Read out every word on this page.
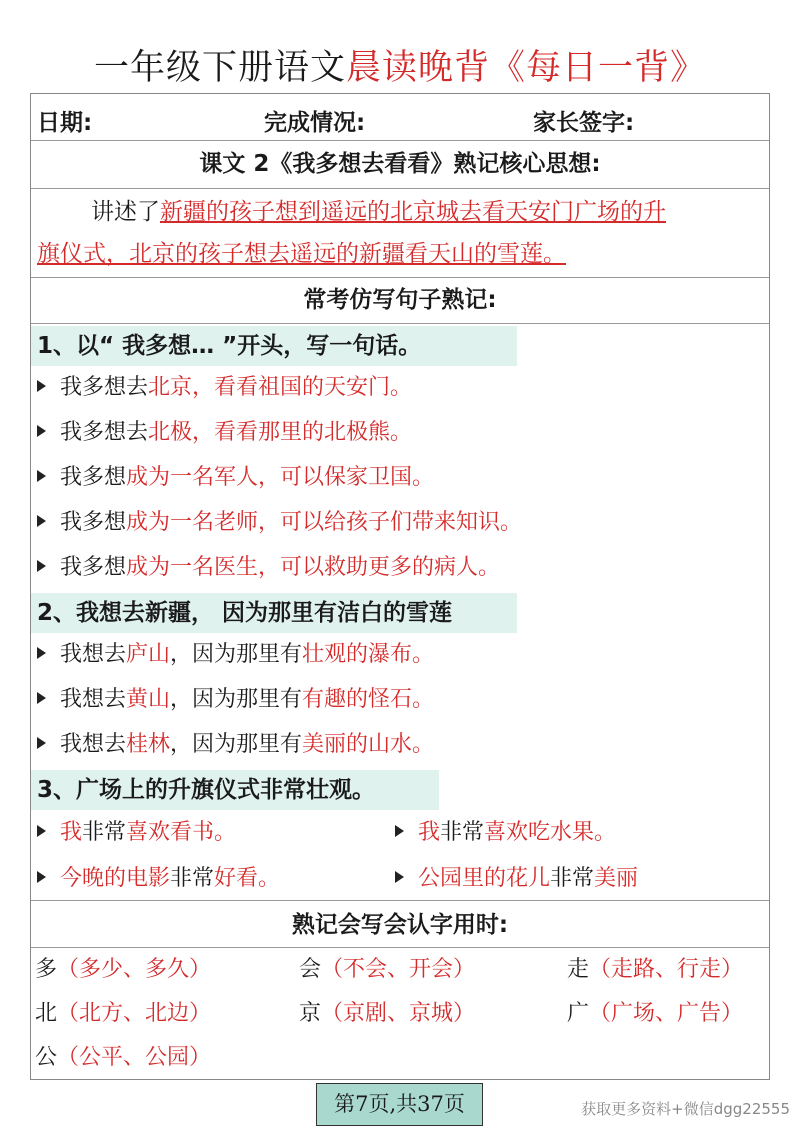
一年级下册语文晨读晚背《每日一背》
日期:	完成情况:	家长签字:
课文 2《我多想去看看》熟记核心思想:
讲述了新疆的孩子想到遥远的北京城去看天安门广场的升
旗仪式，北京的孩子想去遥远的新疆看天山的雪莲。
常考仿写句子熟记:
1、以“ 我多想… ”开头，写一句话。
我多想去北京，看看祖国的天安门。
我多想去北极，看看那里的北极熊。
我多想成为一名军人，可以保家卫国。
我多想成为一名老师，可以给孩子们带来知识。
我多想成为一名医生，可以救助更多的病人。
2、我想去新疆， 因为那里有洁白的雪莲
我想去庐山，因为那里有壮观的瀑布。
我想去黄山，因为那里有有趣的怪石。
我想去桂林，因为那里有美丽的山水。
3、广场上的升旗仪式非常壮观。
我非常喜欢看书。	我非常喜欢吃水果。
今晚的电影非常好看。	公园里的花儿非常美丽
熟记会写会认字用时:
多（多少、多久）	会（不会、开会）	走（走路、行走）
北（北方、北边）	京（京剧、京城）	广（广场、广告）
公（公平、公园）
第7页,共37页	获取更多资料+微信dgg22555
